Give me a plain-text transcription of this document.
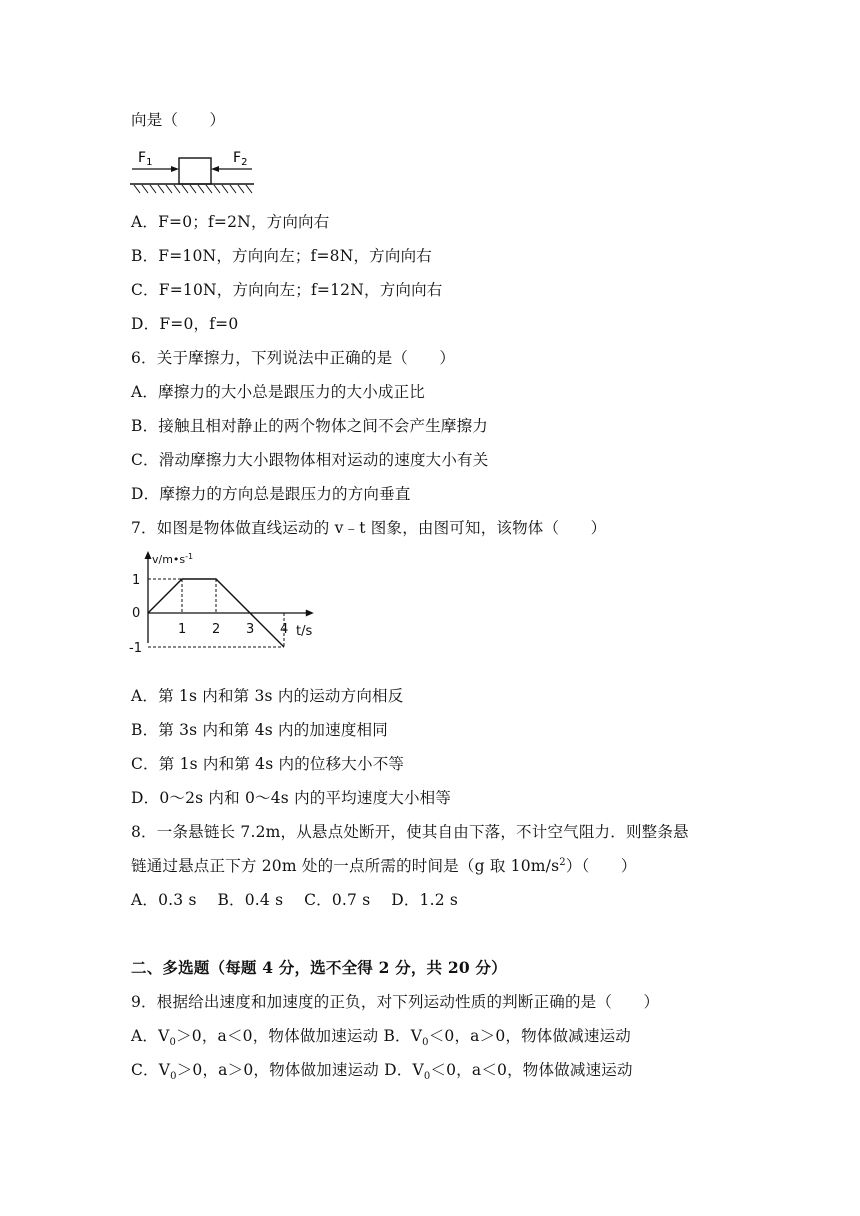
向是（　　）
$F_1$	$F_2$
A．F=0；f=2N，方向向右
B．F=10N，方向向左；f=8N，方向向右
C．F=10N，方向向左；f=12N，方向向右
D．F=0，f=0
6．关于摩擦力，下列说法中正确的是（　　）
A．摩擦力的大小总是跟压力的大小成正比
B．接触且相对静止的两个物体之间不会产生摩擦力
C．滑动摩擦力大小跟物体相对运动的速度大小有关
D．摩擦力的方向总是跟压力的方向垂直
7．如图是物体做直线运动的 v﹣t 图象，由图可知，该物体（　　）
1 2 3 4
1
0
-1
$v/m•s^{-1}$
t/s
A．第 1s 内和第 3s 内的运动方向相反
B．第 3s 内和第 4s 内的加速度相同
C．第 1s 内和第 4s 内的位移大小不等
D．0～2s 内和 0～4s 内的平均速度大小相等
8．一条悬链长 7.2m，从悬点处断开，使其自由下落，不计空气阻力．则整条悬
链通过悬点正下方 20m 处的一点所需的时间是（g 取 $10m/s^2$）（　　）
A．0.3 s　 B．0.4 s　 C．0.7 s　 D．1.2 s
二、多选题（每题 4 分，选不全得 2 分，共 20 分）
9．根据给出速度和加速度的正负，对下列运动性质的判断正确的是（　　）
A．$V_0>0$，a＜0，物体做加速运动 B．$V_0<0$，a＞0，物体做减速运动
C．$V_0>0$，a＞0，物体做加速运动 D．$V_0<0$，a＜0，物体做减速运动
